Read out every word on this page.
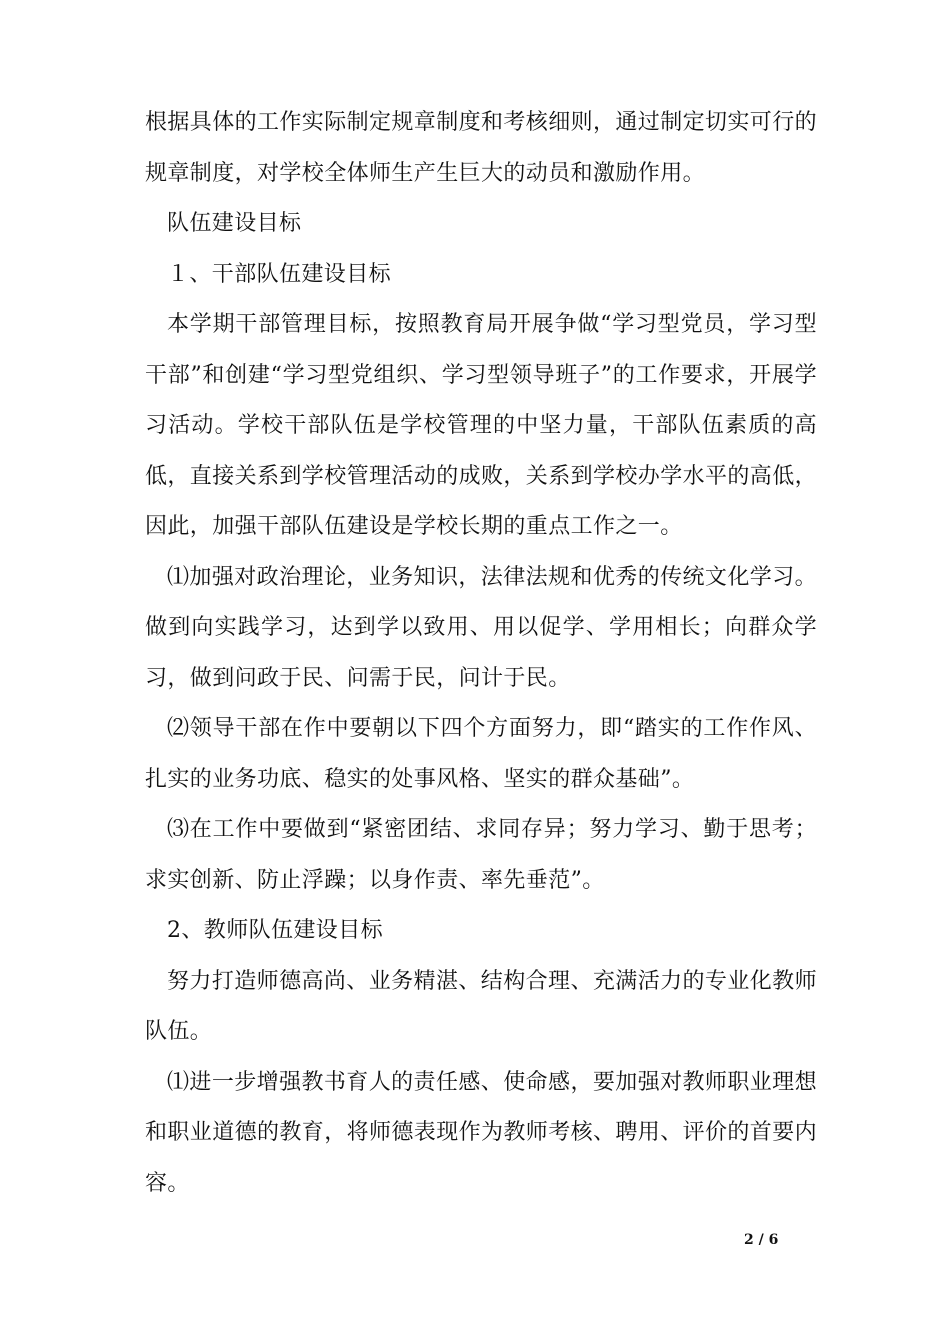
根据具体的工作实际制定规章制度和考核细则，通过制定切实可行的规章制度，对学校全体师生产生巨大的动员和激励作用。

队伍建设目标

１、干部队伍建设目标

本学期干部管理目标，按照教育局开展争做“学习型党员，学习型干部”和创建“学习型党组织、学习型领导班子”的工作要求，开展学习活动。学校干部队伍是学校管理的中坚力量，干部队伍素质的高低，直接关系到学校管理活动的成败，关系到学校办学水平的高低，因此，加强干部队伍建设是学校长期的重点工作之一。

⑴加强对政治理论，业务知识，法律法规和优秀的传统文化学习。做到向实践学习，达到学以致用、用以促学、学用相长；向群众学习，做到问政于民、问需于民，问计于民。

⑵领导干部在作中要朝以下四个方面努力，即“踏实的工作作风、扎实的业务功底、稳实的处事风格、坚实的群众基础”。

⑶在工作中要做到“紧密团结、求同存异；努力学习、勤于思考；求实创新、防止浮躁；以身作责、率先垂范”。

2、教师队伍建设目标

努力打造师德高尚、业务精湛、结构合理、充满活力的专业化教师队伍。

⑴进一步增强教书育人的责任感、使命感，要加强对教师职业理想和职业道德的教育，将师德表现作为教师考核、聘用、评价的首要内容。

2 / 6
